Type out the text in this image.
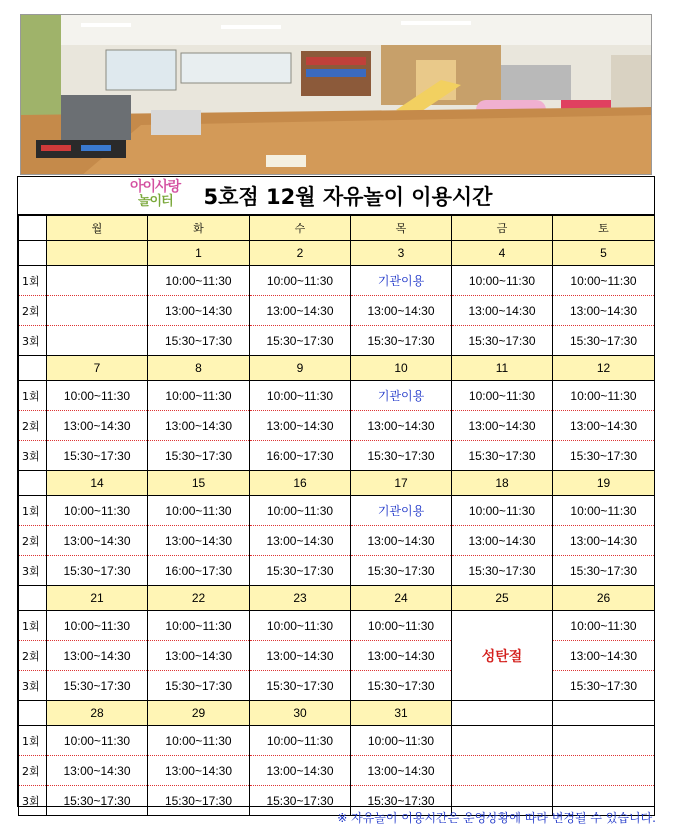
아이사랑
놀이터	5호점 12월 자유놀이 이용시간
	월	화	수	목	금	토
		1	2	3	4	5
1회		10:00~11:30	10:00~11:30	기관이용	10:00~11:30	10:00~11:30
2회		13:00~14:30	13:00~14:30	13:00~14:30	13:00~14:30	13:00~14:30
3회		15:30~17:30	15:30~17:30	15:30~17:30	15:30~17:30	15:30~17:30
	7	8	9	10	11	12
1회	10:00~11:30	10:00~11:30	10:00~11:30	기관이용	10:00~11:30	10:00~11:30
2회	13:00~14:30	13:00~14:30	13:00~14:30	13:00~14:30	13:00~14:30	13:00~14:30
3회	15:30~17:30	15:30~17:30	16:00~17:30	15:30~17:30	15:30~17:30	15:30~17:30
	14	15	16	17	18	19
1회	10:00~11:30	10:00~11:30	10:00~11:30	기관이용	10:00~11:30	10:00~11:30
2회	13:00~14:30	13:00~14:30	13:00~14:30	13:00~14:30	13:00~14:30	13:00~14:30
3회	15:30~17:30	16:00~17:30	15:30~17:30	15:30~17:30	15:30~17:30	15:30~17:30
	21	22	23	24	25	26
1회	10:00~11:30	10:00~11:30	10:00~11:30	10:00~11:30	성탄절	10:00~11:30
2회	13:00~14:30	13:00~14:30	13:00~14:30	13:00~14:30		13:00~14:30
3회	15:30~17:30	15:30~17:30	15:30~17:30	15:30~17:30		15:30~17:30
	28	29	30	31		
1회	10:00~11:30	10:00~11:30	10:00~11:30	10:00~11:30		
2회	13:00~14:30	13:00~14:30	13:00~14:30	13:00~14:30		
3회	15:30~17:30	15:30~17:30	15:30~17:30	15:30~17:30		
※ 자유놀이 이용시간은 운영상황에 따라 변경될 수 있습니다.
